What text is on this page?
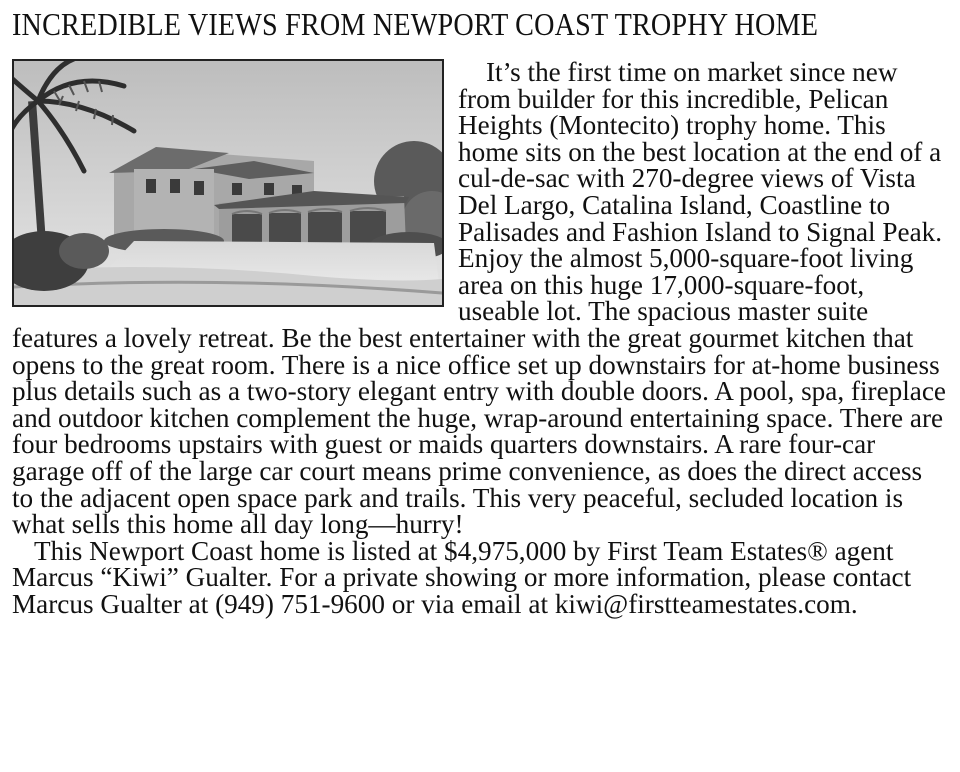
INCREDIBLE VIEWS FROM NEWPORT COAST TROPHY HOME

It’s the first time on market since new from builder for this incredible, Pelican Heights (Montecito) trophy home. This home sits on the best location at the end of a cul-de-sac with 270-degree views of Vista Del Largo, Catalina Island, Coastline to Palisades and Fashion Island to Signal Peak. Enjoy the almost 5,000-square-foot living area on this huge 17,000-square-foot, useable lot. The spacious master suite features a lovely retreat. Be the best entertainer with the great gourmet kitchen that opens to the great room. There is a nice office set up downstairs for at-home business plus details such as a two-story elegant entry with double doors. A pool, spa, fireplace and outdoor kitchen complement the huge, wrap-around entertaining space. There are four bedrooms upstairs with guest or maids quarters downstairs. A rare four-car garage off of the large car court means prime convenience, as does the direct access to the adjacent open space park and trails. This very peaceful, secluded location is what sells this home all day long—hurry!

This Newport Coast home is listed at $4,975,000 by First Team Estates® agent Marcus “Kiwi” Gualter. For a private showing or more information, please contact Marcus Gualter at (949) 751-9600 or via email at kiwi@firstteamestates.com.
